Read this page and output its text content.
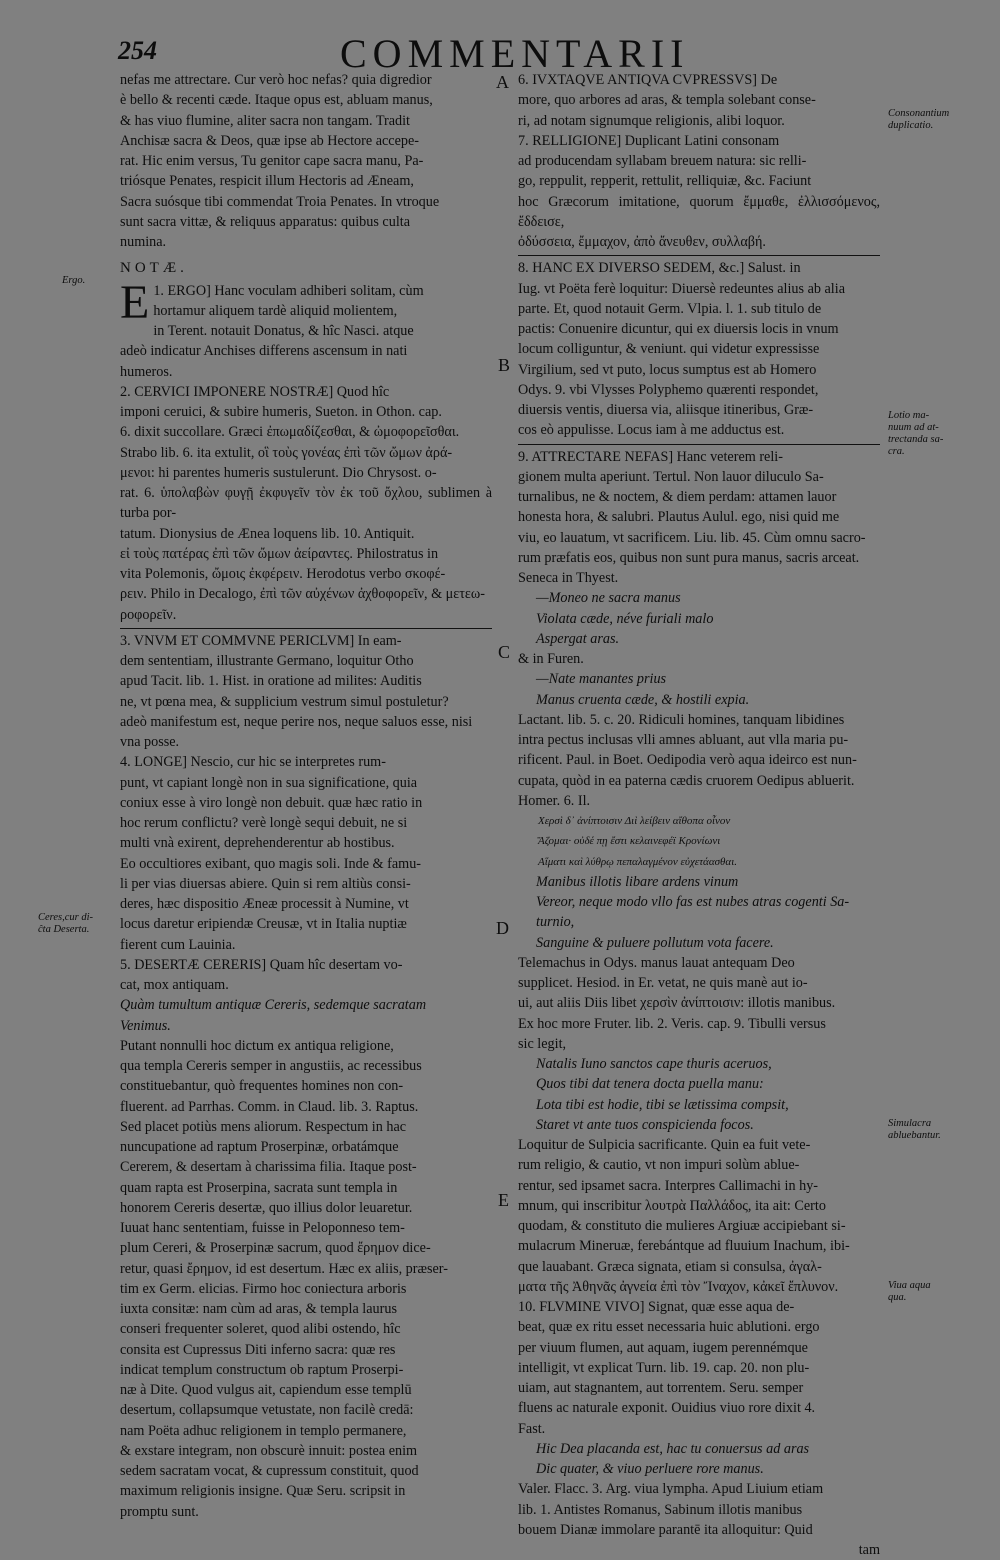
254	COMMENTARII
A
B
C
D
E
Ergo.
Ceres,cur di-
ĉta Deserta.
Consonantium
duplicatio.
Lotio ma-
nuum ad at-
trectanda sa-
cra.
Simulacra
abluebantur.
Viua aqua
qua.

nefas me attrectare. Cur verò hoc nefas? quia digredior

è bello & recenti cæde. Itaque opus est, abluam manus,

& has viuo flumine, aliter sacra non tangam. Tradit

Anchisæ sacra & Deos, quæ ipse ab Hectore accepe-

rat. Hic enim versus, Tu genitor cape sacra manu, Pa-

triósque Penates, respicit illum Hectoris ad Æneam,

Sacra suósque tibi commendat Troia Penates. In vtroque

sunt sacra vittæ, & reliquus apparatus: quibus culta

numina.

NOTÆ.

E 1. ERGO] Hanc voculam adhiberi solitam, cùm

hortamur aliquem tardè aliquid molientem,

in Terent. notauit Donatus, & hîc Nasci. atque

adeò indicatur Anchises differens ascensum in nati

humeros.

2. CERVICI IMPONERE NOSTRÆ] Quod hîc

imponi ceruici, & subire humeris, Sueton. in Othon. cap.

6. dixit succollare. Græci ἐπωμαδίζεσθαι, & ὠμοφορεῖσθαι.

Strabo lib. 6. ita extulit, οἳ τοὺς γονέας ἐπὶ τῶν ὤμων ἀρά-

μενοι: hi parentes humeris sustulerunt. Dio Chrysost. o-

rat. 6. ὑπολαβὼν φυγῇ ἐκφυγεῖν τὸν ἐκ τοῦ ὄχλου, sublimen à turba por-

tatum. Dionysius de Ænea loquens lib. 10. Antiquit.

εἰ τοὺς πατέρας ἐπὶ τῶν ὤμων ἀείραντες. Philostratus in

vita Polemonis, ὤμοις ἐκφέρειν. Herodotus verbo σκοφέ-

ρειν. Philo in Decalogo, ἐπὶ τῶν αὐχένων ἀχθοφορεῖν, & μετεω-

ροφορεῖν.

3. VNVM ET COMMVNE PERICLVM] In eam-

dem sententiam, illustrante Germano, loquitur Otho

apud Tacit. lib. 1. Hist. in oratione ad milites: Auditis

ne, vt pœna mea, & supplicium vestrum simul postuletur?

adeò manifestum est, neque perire nos, neque saluos esse, nisi

vna posse.

4. LONGE] Nescio, cur hic se interpretes rum-

punt, vt capiant longè non in sua significatione, quia

coniux esse à viro longè non debuit. quæ hæc ratio in

hoc rerum conflictu? verè longè sequi debuit, ne si

multi vnà exirent, deprehenderentur ab hostibus.

Eo occultiores exibant, quo magis soli. Inde & famu-

li per vias diuersas abiere. Quin si rem altiùs consi-

deres, hæc dispositio Æneæ processit à Numine, vt

locus daretur eripiendæ Creusæ, vt in Italia nuptiæ

fierent cum Lauinia.

5. DESERTÆ CERERIS] Quam hîc desertam vo-

cat, mox antiquam.

Quàm tumultum antiquæ Cereris, sedemque sacratam

Venimus.

Putant nonnulli hoc dictum ex antiqua religione,

qua templa Cereris semper in angustiis, ac recessibus

constituebantur, quò frequentes homines non con-

fluerent. ad Parrhas. Comm. in Claud. lib. 3. Raptus.

Sed placet potiùs mens aliorum. Respectum in hac

nuncupatione ad raptum Proserpinæ, orbatámque

Cererem, & desertam à charissima filia. Itaque post-

quam rapta est Proserpina, sacrata sunt templa in

honorem Cereris desertæ, quo illius dolor leuaretur.

Iuuat hanc sententiam, fuisse in Peloponneso tem-

plum Cereri, & Proserpinæ sacrum, quod ἔρημον dice-

retur, quasi ἔρημον, id est desertum. Hæc ex aliis, præser-

tim ex Germ. elicias. Firmo hoc coniectura arboris

iuxta consitæ: nam cùm ad aras, & templa laurus

conseri frequenter soleret, quod alibi ostendo, hîc

consita est Cupressus Diti inferno sacra: quæ res

indicat templum constructum ob raptum Proserpi-

næ à Dite. Quod vulgus ait, capiendum esse templū

desertum, collapsumque vetustate, non facilè credā:

nam Poëta adhuc religionem in templo permanere,

& exstare integram, non obscurè innuit: postea enim

sedem sacratam vocat, & cupressum constituit, quod

maximum religionis insigne. Quæ Seru. scripsit in

promptu sunt.

6. IVXTAQVE ANTIQVA CVPRESSVS] De

more, quo arbores ad aras, & templa solebant conse-

ri, ad notam signumque religionis, alibi loquor.

7. RELLIGIONE] Duplicant Latini consonam

ad producendam syllabam breuem natura: sic relli-

go, reppulit, repperit, rettulit, relliquiæ, &c. Faciunt

hoc Græcorum imitatione, quorum ἔμμαθε, ἐλλισσόμενος, ἔδδεισε,

ὀδύσσεια, ἔμμαχον, ἀπὸ ἄνευθεν, συλλαβή.

8. HANC EX DIVERSO SEDEM, &c.] Salust. in

Iug. vt Poëta ferè loquitur: Diuersè redeuntes alius ab alia

parte. Et, quod notauit Germ. Vlpia. l. 1. sub titulo de

pactis: Conuenire dicuntur, qui ex diuersis locis in vnum

locum colliguntur, & veniunt. qui videtur expressisse

Virgilium, sed vt puto, locus sumptus est ab Homero

Odys. 9. vbi Vlysses Polyphemo quærenti respondet,

diuersis ventis, diuersa via, aliisque itineribus, Græ-

cos eò appulisse. Locus iam à me adductus est.

9. ATTRECTARE NEFAS] Hanc veterem reli-

gionem multa aperiunt. Tertul. Non lauor diluculo Sa-

turnalibus, ne & noctem, & diem perdam: attamen lauor

honesta hora, & salubri. Plautus Aulul. ego, nisi quid me

viu, eo lauatum, vt sacrificem. Liu. lib. 45. Cùm omnu sacro-

rum præfatis eos, quibus non sunt pura manus, sacris arceat.

Seneca in Thyest.

—Moneo ne sacra manus

Violata cæde, néve furiali malo

Aspergat aras.

& in Furen.

—Nate manantes prius

Manus cruenta cæde, & hostili expia.

Lactant. lib. 5. c. 20. Ridiculi homines, tanquam libidines

intra pectus inclusas vlli amnes abluant, aut vlla maria pu-

rificent. Paul. in Boet. Oedipodia verò aqua ideirco est nun-

cupata, quòd in ea paterna cædis cruorem Oedipus abluerit.

Homer. 6. Il.

Χερσὶ δ᾽ ἀνίπτοισιν Διὶ λείβειν αἴθοπα οἶνον

Ἅζομαι· οὐδέ πῃ ἔστι κελαινεφέϊ Κρονίωνι

Αἵματι καὶ λύθρῳ πεπαλαγμένον εὐχετάασθαι.

Manibus illotis libare ardens vinum

Vereor, neque modo vllo fas est nubes atras cogenti Sa-

turnio,

Sanguine & puluere pollutum vota facere.

Telemachus in Odys. manus lauat antequam Deo

supplicet. Hesiod. in Er. vetat, ne quis manè aut io-

ui, aut aliis Diis libet χερσὶν ἀνίπτοισιν: illotis manibus.

Ex hoc more Fruter. lib. 2. Veris. cap. 9. Tibulli versus

sic legit,

Natalis Iuno sanctos cape thuris aceruos,

Quos tibi dat tenera docta puella manu:

Lota tibi est hodie, tibi se lætissima compsit,

Staret vt ante tuos conspicienda focos.

Loquitur de Sulpicia sacrificante. Quin ea fuit vete-

rum religio, & cautio, vt non impuri solùm ablue-

rentur, sed ipsamet sacra. Interpres Callimachi in hy-

mnum, qui inscribitur λουτρὰ Παλλάδος, ita ait: Certo

quodam, & constituto die mulieres Argiuæ accipiebant si-

mulacrum Mineruæ, ferebántque ad fluuium Inachum, ibi-

que lauabant. Græca signata, etiam si consulsa, ἀγαλ-

ματα τῆς Ἀθηνᾶς ἀγνεία ἐπὶ τὸν Ἴναχον, κἀκεῖ ἔπλυνον.

10. FLVMINE VIVO] Signat, quæ esse aqua de-

beat, quæ ex ritu esset necessaria huic ablutioni. ergo

per viuum flumen, aut aquam, iugem perennémque

intelligit, vt explicat Turn. lib. 19. cap. 20. non plu-

uiam, aut stagnantem, aut torrentem. Seru. semper

fluens ac naturale exponit. Ouidius viuo rore dixit 4.

Fast.

Hic Dea placanda est, hac tu conuersus ad aras

Dic quater, & viuo perluere rore manus.

Valer. Flacc. 3. Arg. viua lympha. Apud Liuium etiam

lib. 1. Antistes Romanus, Sabinum illotis manibus

bouem Dianæ immolare parantē ita alloquitur: Quid

tam
